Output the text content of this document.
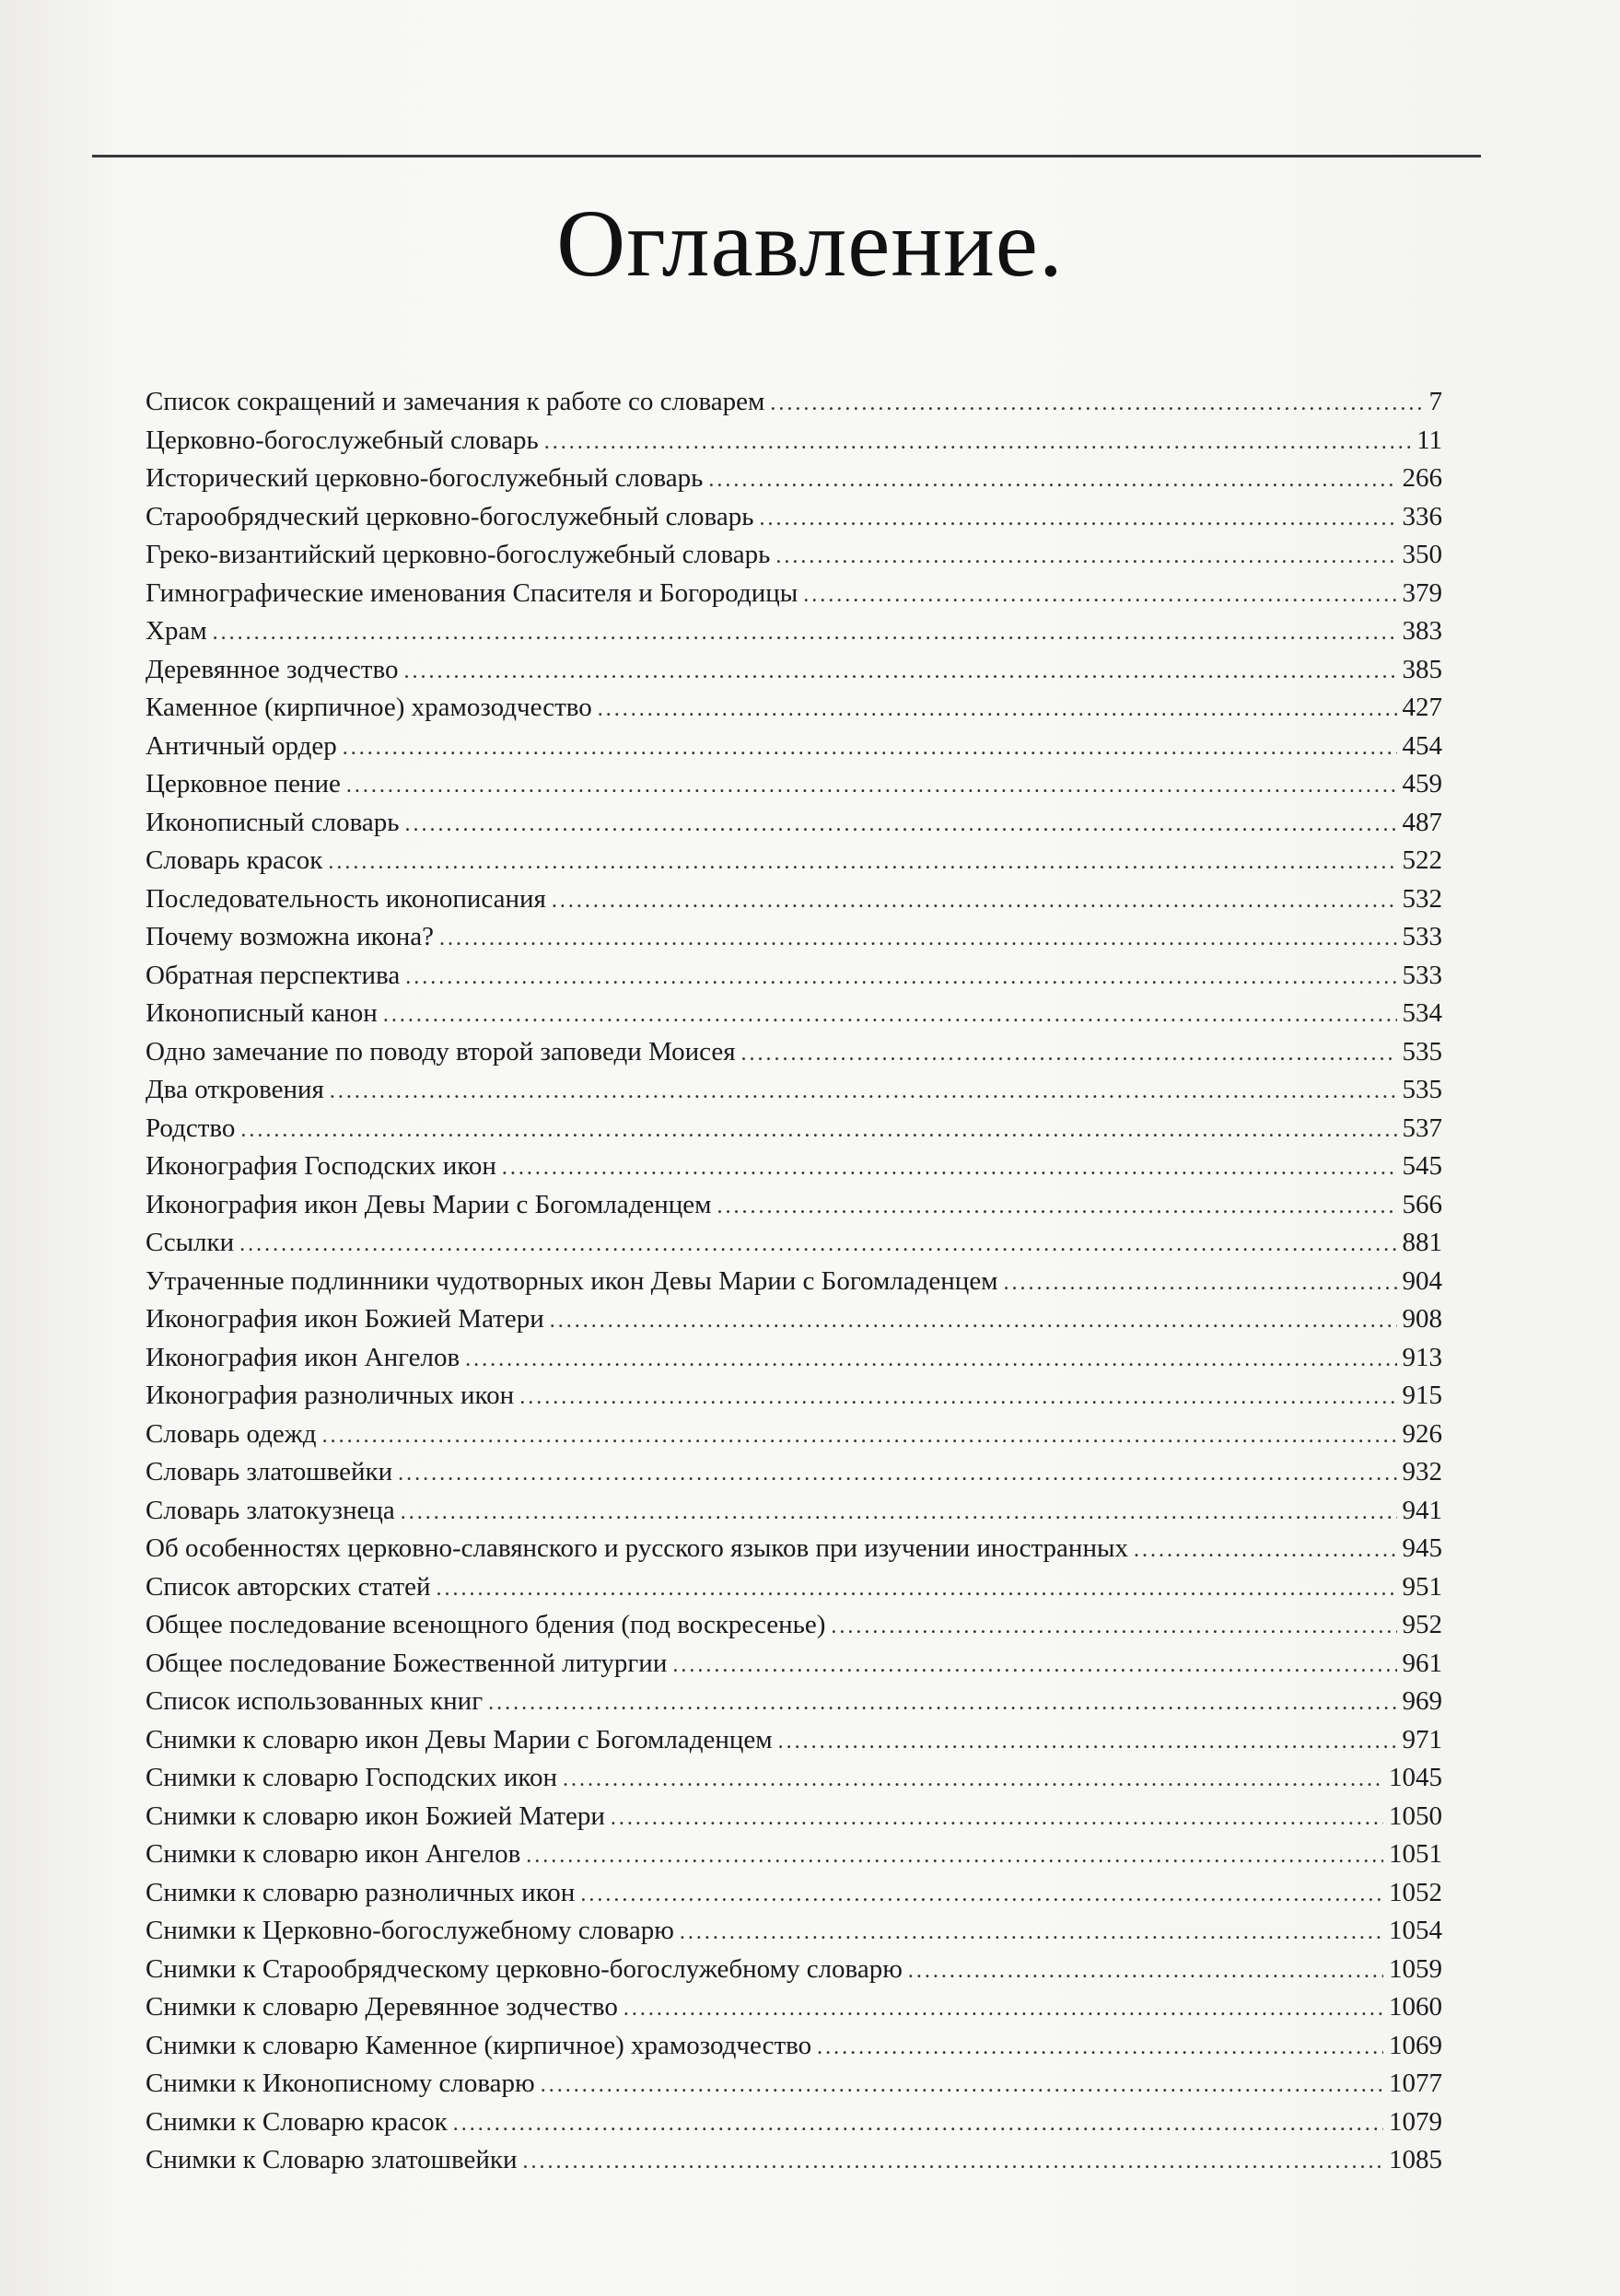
Оглавление.
Список сокращений и замечания к работе со словарем .....	7
Церковно-богослужебный словарь .....	11
Исторический церковно-богослужебный словарь .....	266
Старообрядческий церковно-богослужебный словарь .....	336
Греко-византийский церковно-богослужебный словарь .....	350
Гимнографические именования Спасителя и Богородицы .....	379
Храм .....	383
Деревянное зодчество .....	385
Каменное (кирпичное) храмозодчество .....	427
Античный ордер .....	454
Церковное пение .....	459
Иконописный словарь .....	487
Словарь красок .....	522
Последовательность иконописания .....	532
Почему возможна икона? .....	533
Обратная перспектива .....	533
Иконописный канон .....	534
Одно замечание по поводу второй заповеди Моисея .....	535
Два откровения .....	535
Родство .....	537
Иконография Господских икон .....	545
Иконография икон Девы Марии с Богомладенцем .....	566
Ссылки .....	881
Утраченные подлинники чудотворных икон Девы Марии с Богомладенцем .....	904
Иконография икон Божией Матери .....	908
Иконография икон Ангелов .....	913
Иконография разноличных икон .....	915
Словарь одежд .....	926
Словарь златошвейки .....	932
Словарь златокузнеца .....	941
Об особенностях церковно-славянского и русского языков при изучении иностранных .....	945
Список авторских статей .....	951
Общее последование всенощного бдения (под воскресенье) .....	952
Общее последование Божественной литургии .....	961
Список использованных книг .....	969
Снимки к словарю икон Девы Марии с Богомладенцем .....	971
Снимки к словарю Господских икон .....	1045
Снимки к словарю икон Божией Матери .....	1050
Снимки к словарю икон Ангелов .....	1051
Снимки к словарю разноличных икон .....	1052
Снимки к Церковно-богослужебному словарю .....	1054
Снимки к Старообрядческому церковно-богослужебному словарю .....	1059
Снимки к словарю Деревянное зодчество .....	1060
Снимки к словарю Каменное (кирпичное) храмозодчество .....	1069
Снимки к Иконописному словарю .....	1077
Снимки к Словарю красок .....	1079
Снимки к Словарю златошвейки .....	1085
